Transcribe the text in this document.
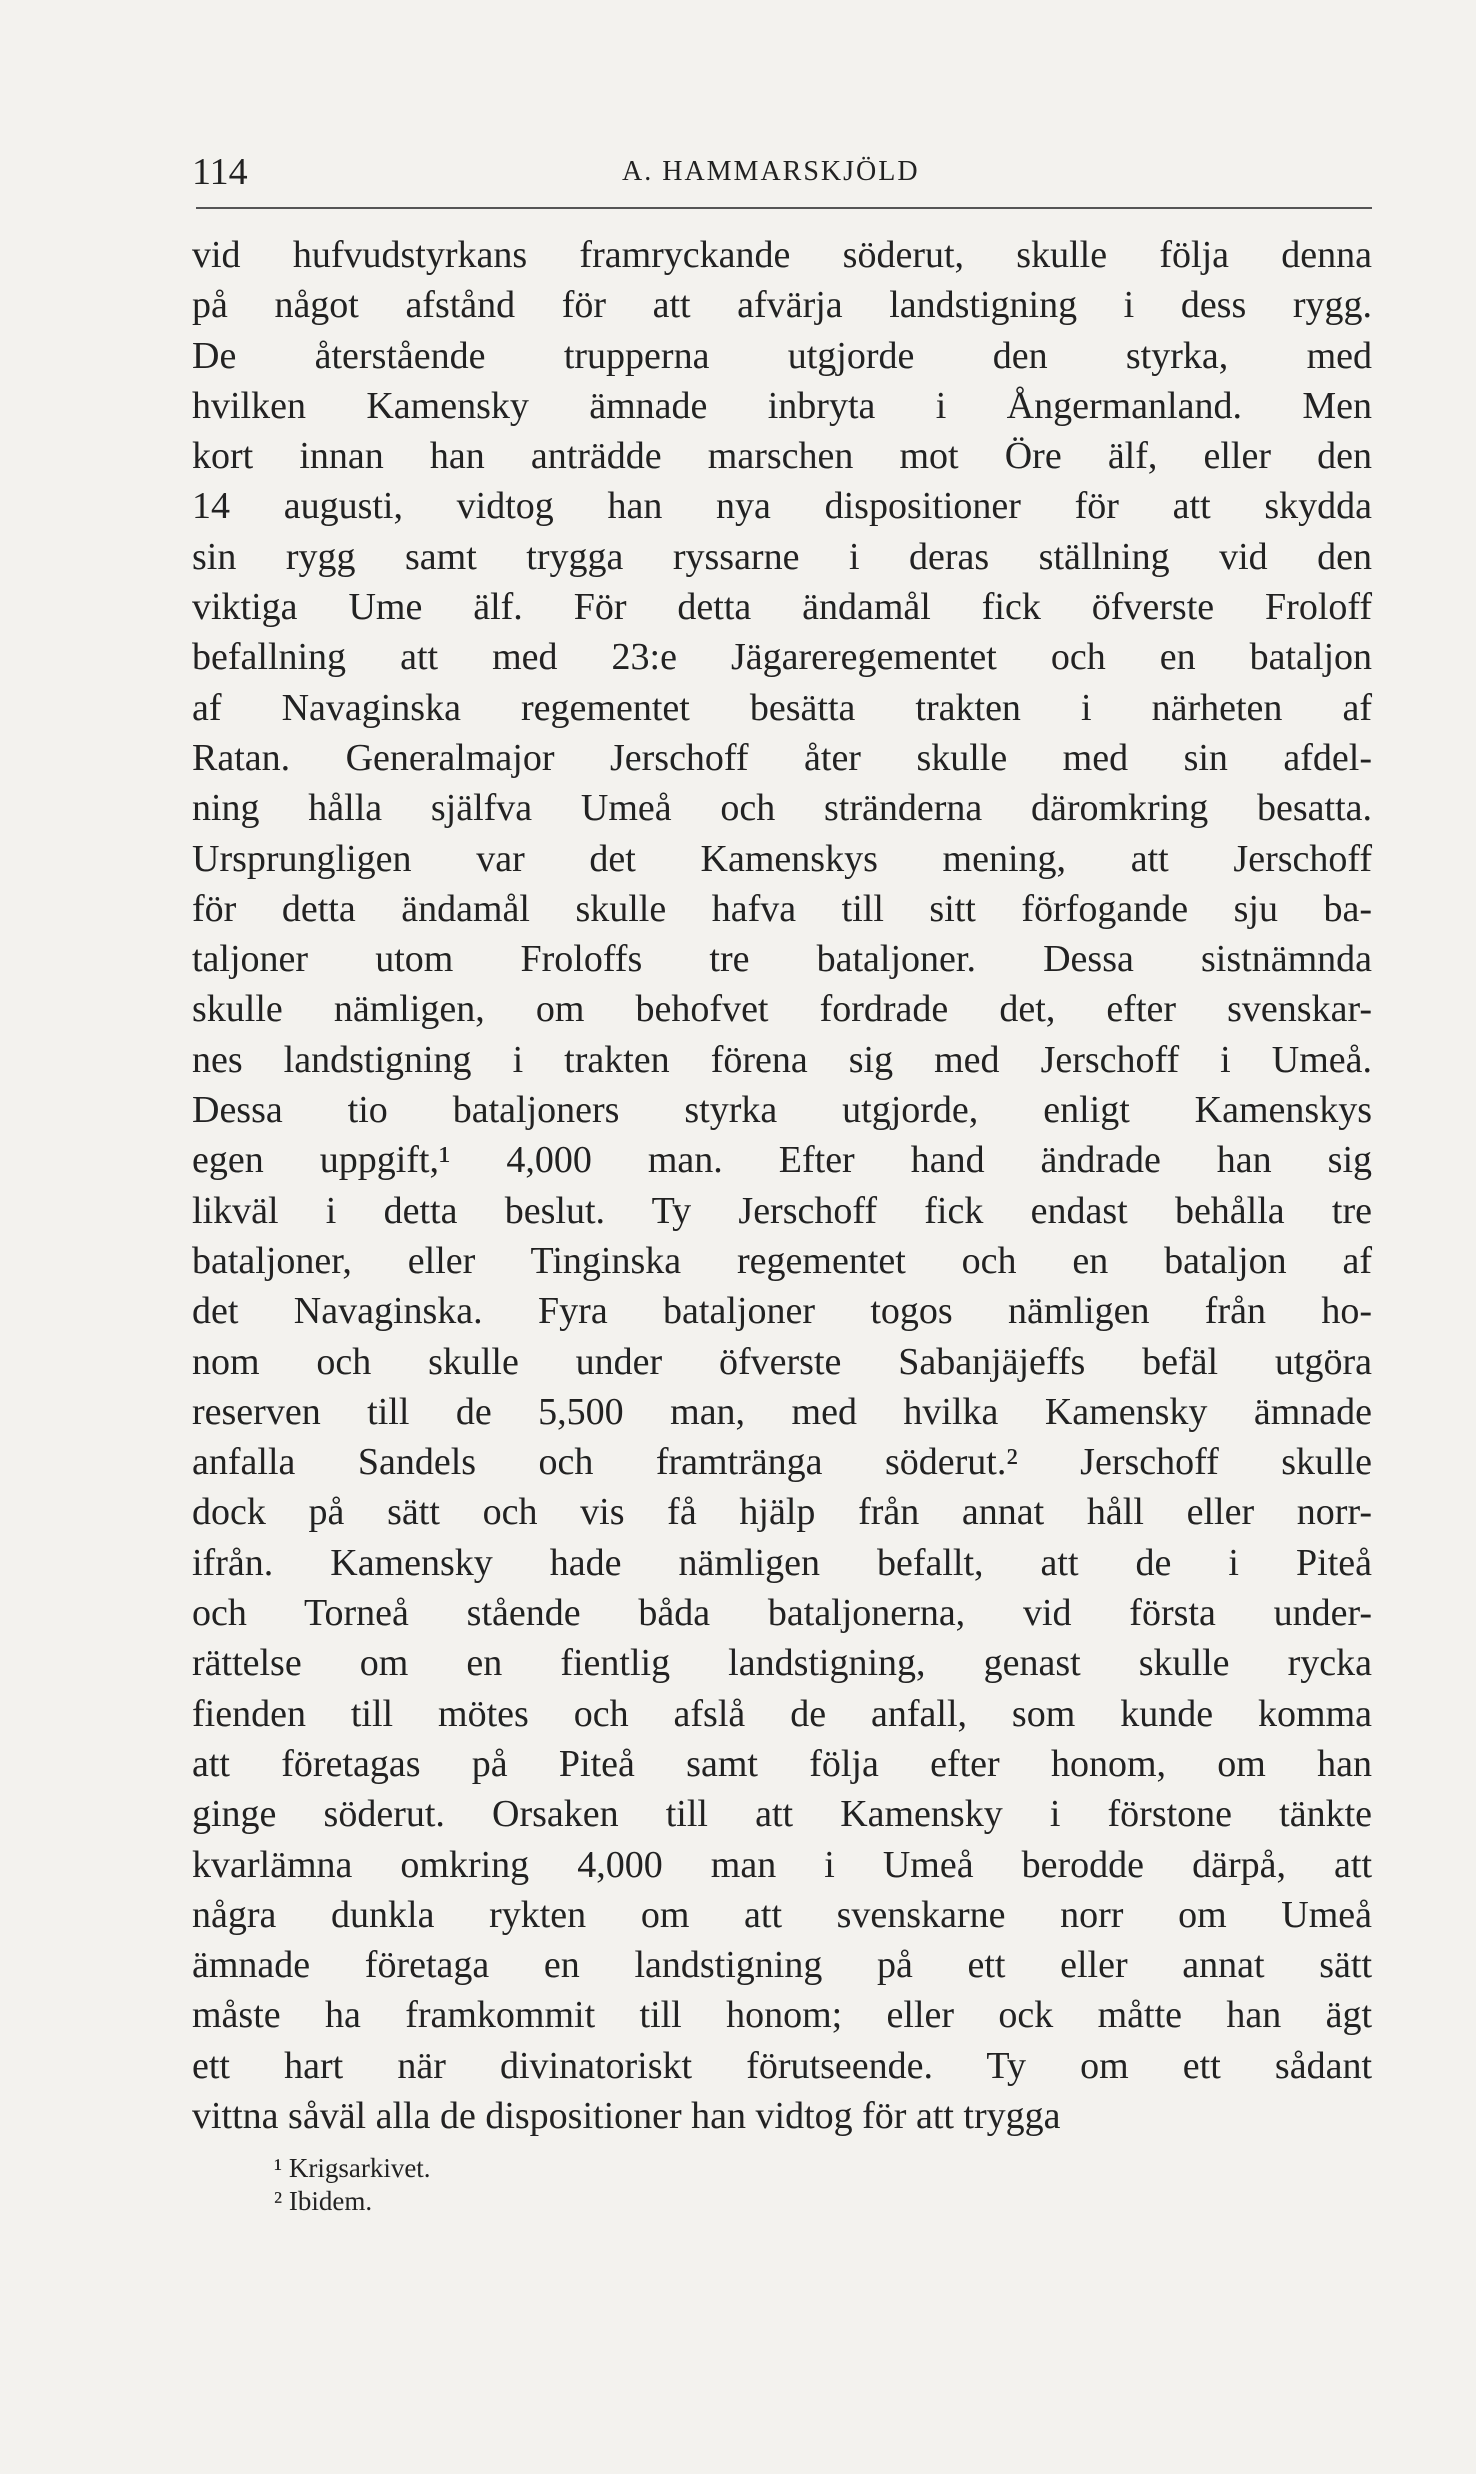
114	A. HAMMARSKJÖLD
vid hufvudstyrkans framryckande söderut, skulle följa denna
på något afstånd för att afvärja landstigning i dess rygg.
De återstående trupperna utgjorde den styrka, med
hvilken Kamensky ämnade inbryta i Ångermanland. Men
kort innan han anträdde marschen mot Öre älf, eller den
14 augusti, vidtog han nya dispositioner för att skydda
sin rygg samt trygga ryssarne i deras ställning vid den
viktiga Ume älf. För detta ändamål fick öfverste Froloff
befallning att med 23:e Jägareregementet och en bataljon
af Navaginska regementet besätta trakten i närheten af
Ratan. Generalmajor Jerschoff åter skulle med sin afdel-
ning hålla själfva Umeå och stränderna däromkring besatta.
Ursprungligen var det Kamenskys mening, att Jerschoff
för detta ändamål skulle hafva till sitt förfogande sju ba-
taljoner utom Froloffs tre bataljoner. Dessa sistnämnda
skulle nämligen, om behofvet fordrade det, efter svenskar-
nes landstigning i trakten förena sig med Jerschoff i Umeå.
Dessa tio bataljoners styrka utgjorde, enligt Kamenskys
egen uppgift,¹ 4,000 man. Efter hand ändrade han sig
likväl i detta beslut. Ty Jerschoff fick endast behålla tre
bataljoner, eller Tinginska regementet och en bataljon af
det Navaginska. Fyra bataljoner togos nämligen från ho-
nom och skulle under öfverste Sabanjäjeffs befäl utgöra
reserven till de 5,500 man, med hvilka Kamensky ämnade
anfalla Sandels och framtränga söderut.² Jerschoff skulle
dock på sätt och vis få hjälp från annat håll eller norr-
ifrån. Kamensky hade nämligen befallt, att de i Piteå
och Torneå stående båda bataljonerna, vid första under-
rättelse om en fientlig landstigning, genast skulle rycka
fienden till mötes och afslå de anfall, som kunde komma
att företagas på Piteå samt följa efter honom, om han
ginge söderut. Orsaken till att Kamensky i förstone tänkte
kvarlämna omkring 4,000 man i Umeå berodde därpå, att
några dunkla rykten om att svenskarne norr om Umeå
ämnade företaga en landstigning på ett eller annat sätt
måste ha framkommit till honom; eller ock måtte han ägt
ett hart när divinatoriskt förutseende. Ty om ett sådant
vittna såväl alla de dispositioner han vidtog för att trygga
¹ Krigsarkivet.
² Ibidem.
